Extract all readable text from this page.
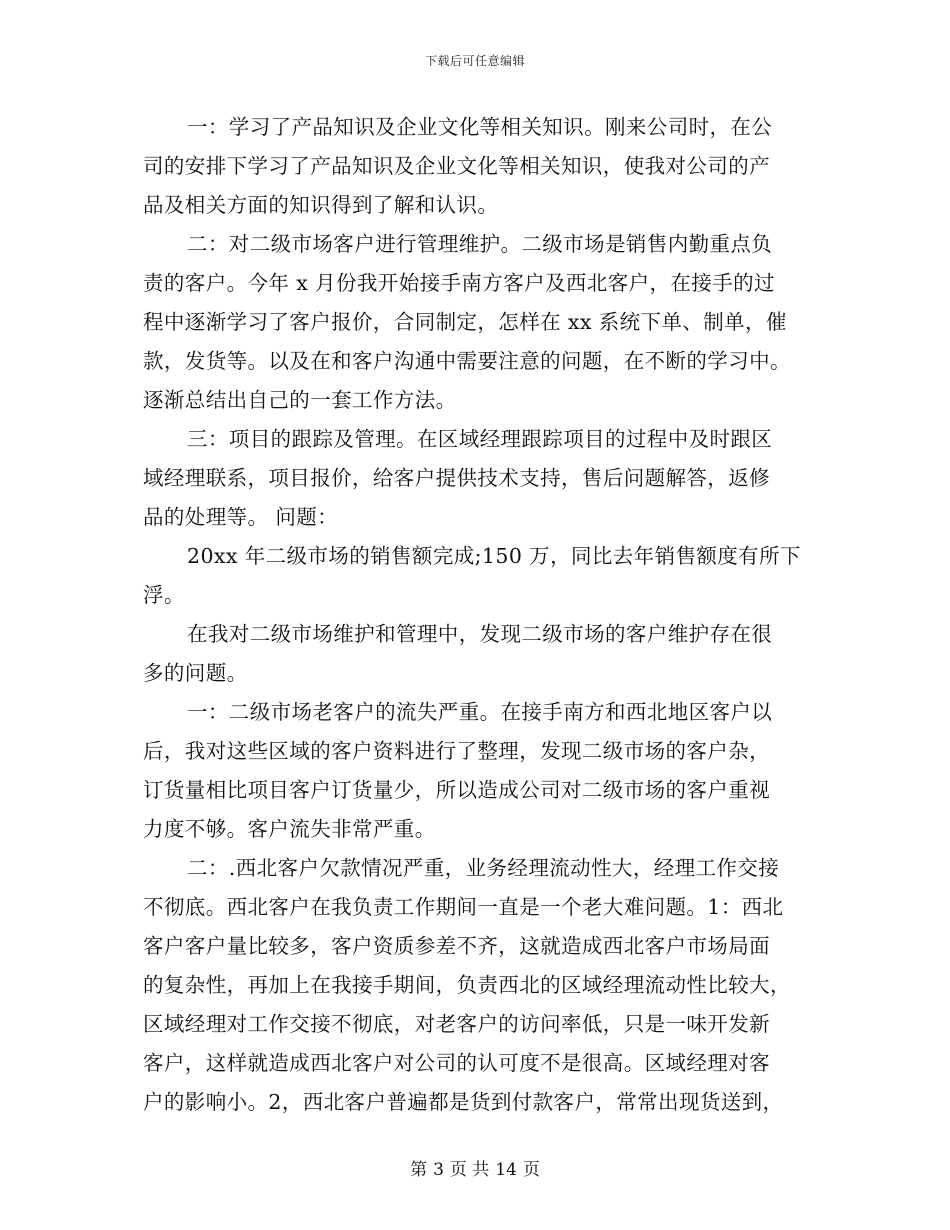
下载后可任意编辑
一：学习了产品知识及企业文化等相关知识。刚来公司时，在公
司的安排下学习了产品知识及企业文化等相关知识，使我对公司的产
品及相关方面的知识得到了解和认识。
二：对二级市场客户进行管理维护。二级市场是销售内勤重点负
责的客户。今年 x 月份我开始接手南方客户及西北客户，在接手的过
程中逐渐学习了客户报价，合同制定，怎样在 xx 系统下单、制单，催
款，发货等。以及在和客户沟通中需要注意的问题，在不断的学习中。
逐渐总结出自己的一套工作方法。
三：项目的跟踪及管理。在区域经理跟踪项目的过程中及时跟区
域经理联系，项目报价，给客户提供技术支持，售后问题解答，返修
品的处理等。 问题：
20xx 年二级市场的销售额完成;150 万，同比去年销售额度有所下
浮。
在我对二级市场维护和管理中，发现二级市场的客户维护存在很
多的问题。
一：二级市场老客户的流失严重。在接手南方和西北地区客户以
后，我对这些区域的客户资料进行了整理，发现二级市场的客户杂，
订货量相比项目客户订货量少，所以造成公司对二级市场的客户重视
力度不够。客户流失非常严重。
二：.西北客户欠款情况严重，业务经理流动性大，经理工作交接
不彻底。西北客户在我负责工作期间一直是一个老大难问题。1：西北
客户客户量比较多，客户资质参差不齐，这就造成西北客户市场局面
的复杂性，再加上在我接手期间，负责西北的区域经理流动性比较大，
区域经理对工作交接不彻底，对老客户的访问率低，只是一味开发新
客户，这样就造成西北客户对公司的认可度不是很高。区域经理对客
户的影响小。2，西北客户普遍都是货到付款客户，常常出现货送到，
第 3 页 共 14 页
